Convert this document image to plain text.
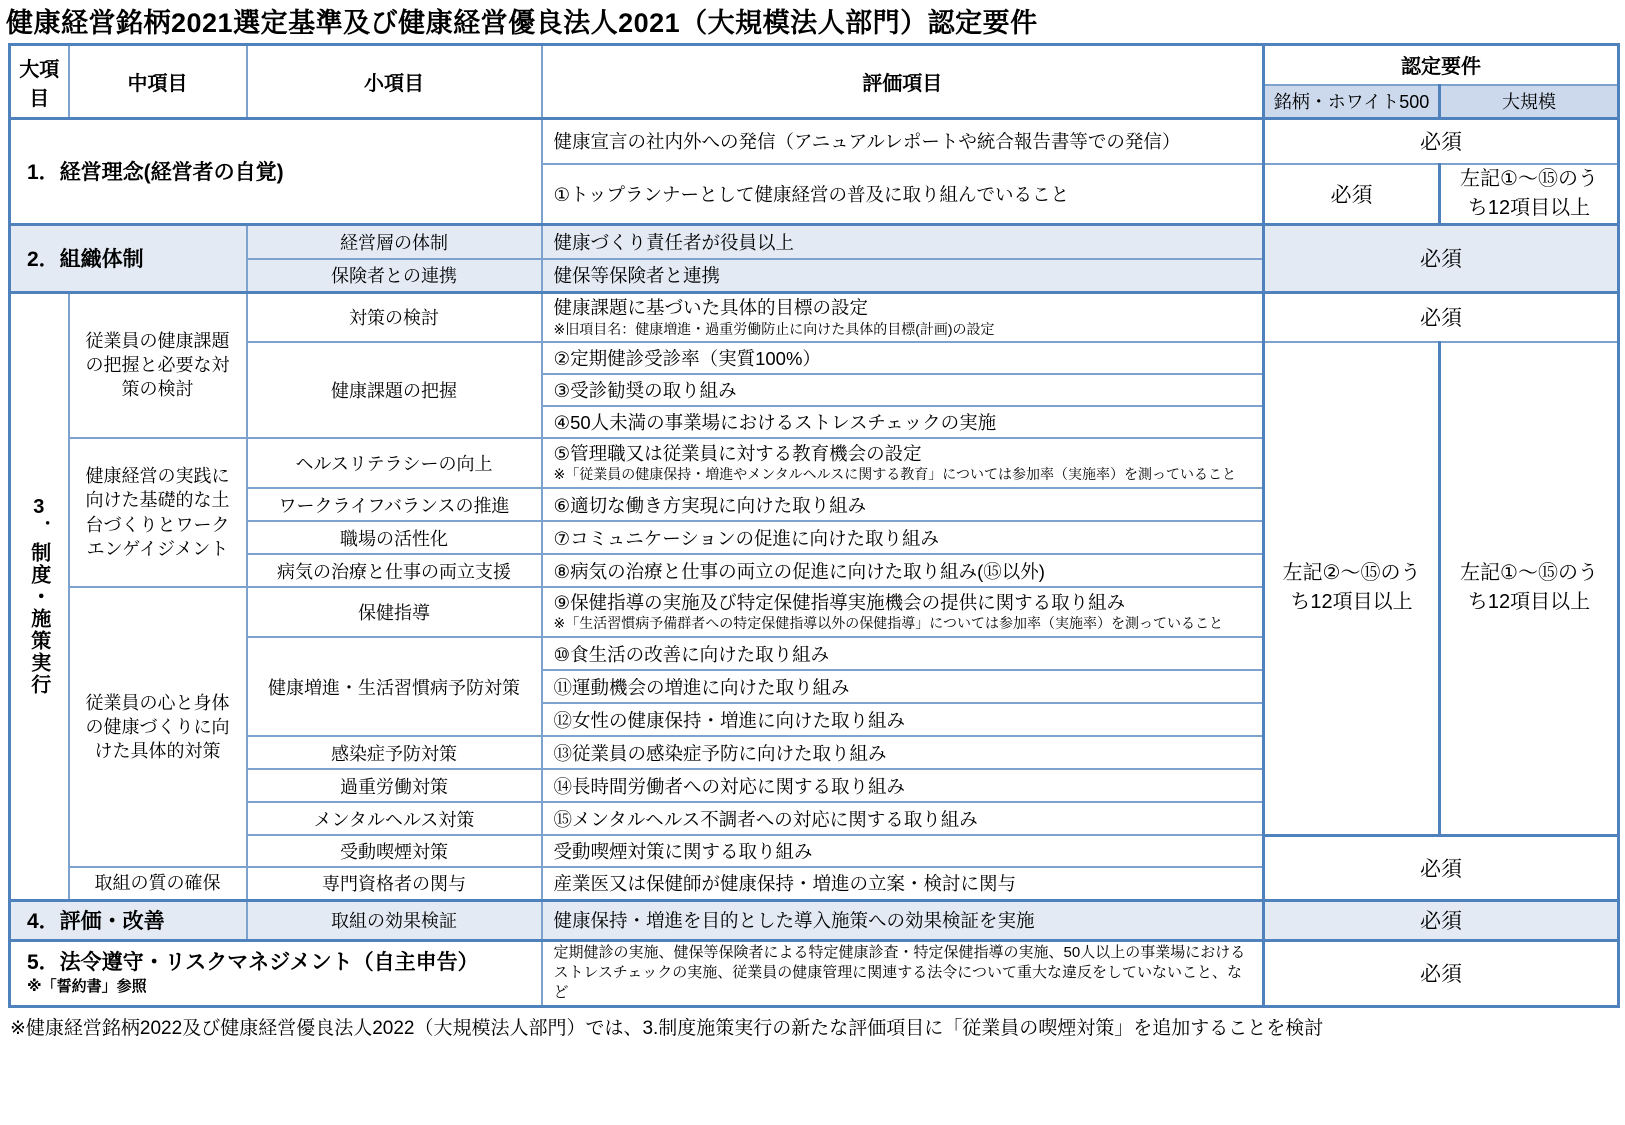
健康経営銘柄2021選定基準及び健康経営優良法人2021（大規模法人部門）認定要件
大項目	中項目	小項目	評価項目	認定要件	
				銘柄・ホワイト500	大規模
1．経営理念(経営者の自覚)			健康宣言の社内外への発信（アニュアルレポートや統合報告書等での発信）	必須	
			①トップランナーとして健康経営の普及に取り組んでいること	必須	左記①～⑮のうち12項目以上
2．組織体制		経営層の体制	健康づくり責任者が役員以上	必須	
		保険者との連携	健保等保険者と連携		
3．制度・施策実行	従業員の健康課題の把握と必要な対策の検討	対策の検討	健康課題に基づいた具体的目標の設定
※旧項目名：健康増進・過重労働防止に向けた具体的目標(計画)の設定	必須	
		健康課題の把握	②定期健診受診率（実質100%）	左記②～⑮のうち12項目以上	左記①～⑮のうち12項目以上
			③受診勧奨の取り組み		
			④50人未満の事業場におけるストレスチェックの実施		
	健康経営の実践に向けた基礎的な土台づくりとワークエンゲイジメント	ヘルスリテラシーの向上	⑤管理職又は従業員に対する教育機会の設定
※「従業員の健康保持・増進やメンタルヘルスに関する教育」については参加率（実施率）を測っていること		

		ワークライフバランスの推進	⑥適切な働き方実現に向けた取り組み		
		職場の活性化	⑦コミュニケーションの促進に向けた取り組み		
		病気の治療と仕事の両立支援	⑧病気の治療と仕事の両立の促進に向けた取り組み(⑮以外)		
	従業員の心と身体の健康づくりに向けた具体的対策	保健指導	⑨保健指導の実施及び特定保健指導実施機会の提供に関する取り組み
※「生活習慣病予備群者への特定保健指導以外の保健指導」については参加率（実施率）を測っていること		

		健康増進・生活習慣病予防対策	⑩食生活の改善に向けた取り組み		
			⑪運動機会の増進に向けた取り組み		
			⑫女性の健康保持・増進に向けた取り組み		
		感染症予防対策	⑬従業員の感染症予防に向けた取り組み		
		過重労働対策	⑭長時間労働者への対応に関する取り組み		
		メンタルヘルス対策	⑮メンタルヘルス不調者への対応に関する取り組み		
		受動喫煙対策	受動喫煙対策に関する取り組み	必須	
	取組の質の確保	専門資格者の関与	産業医又は保健師が健康保持・増進の立案・検討に関与		
4．評価・改善		取組の効果検証	健康保持・増進を目的とした導入施策への効果検証を実施	必須	
5．法令遵守・リスクマネジメント（自主申告）
※「誓約書」参照			定期健診の実施、健保等保険者による特定健康診査・特定保健指導の実施、50人以上の事業場におけるストレスチェックの実施、従業員の健康管理に関連する法令について重大な違反をしていないこと、など	必須	
※健康経営銘柄2022及び健康経営優良法人2022（大規模法人部門）では、3.制度施策実行の新たな評価項目に「従業員の喫煙対策」を追加することを検討
